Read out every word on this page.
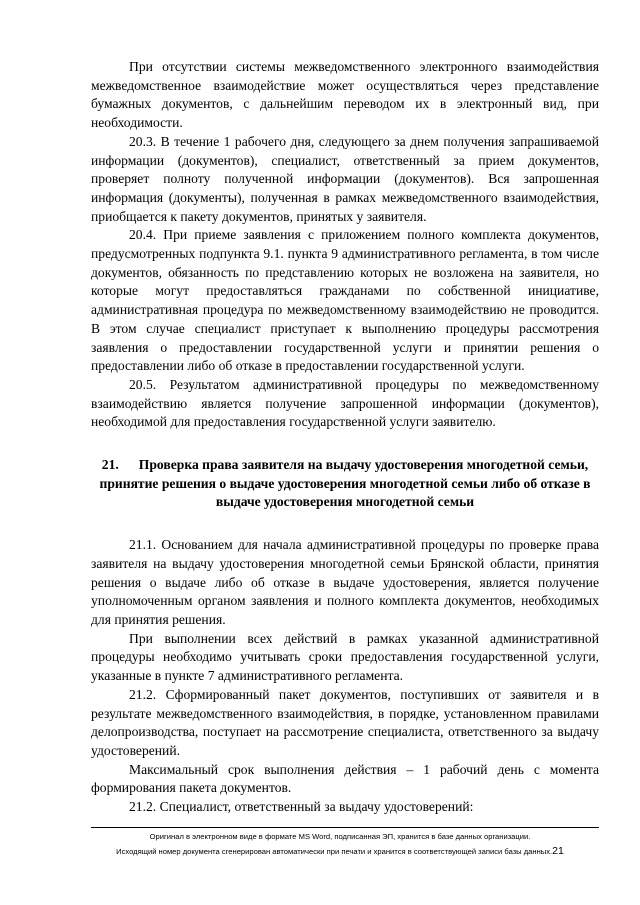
При отсутствии системы межведомственного электронного взаимодействия межведомственное взаимодействие может осуществляться через представление бумажных документов, с дальнейшим переводом их в электронный вид, при необходимости.

20.3. В течение 1 рабочего дня, следующего за днем получения запрашиваемой информации (документов), специалист, ответственный за прием документов, проверяет полноту полученной информации (документов). Вся запрошенная информация (документы), полученная в рамках межведомственного взаимодействия, приобщается к пакету документов, принятых у заявителя.

20.4. При приеме заявления с приложением полного комплекта документов, предусмотренных подпункта 9.1. пункта 9 административного регламента, в том числе документов, обязанность по представлению которых не возложена на заявителя, но которые могут предоставляться гражданами по собственной инициативе, административная процедура по межведомственному взаимодействию не проводится. В этом случае специалист приступает к выполнению процедуры рассмотрения заявления о предоставлении государственной услуги и принятии решения о предоставлении либо об отказе в предоставлении государственной услуги.

20.5. Результатом административной процедуры по межведомственному взаимодействию является получение запрошенной информации (документов), необходимой для предоставления государственной услуги заявителю.

21. Проверка права заявителя на выдачу удостоверения многодетной семьи, принятие решения о выдаче удостоверения многодетной семьи либо об отказе в выдаче удостоверения многодетной семьи

21.1. Основанием для начала административной процедуры по проверке права заявителя на выдачу удостоверения многодетной семьи Брянской области, принятия решения о выдаче либо об отказе в выдаче удостоверения, является получение уполномоченным органом заявления и полного комплекта документов, необходимых для принятия решения.

При выполнении всех действий в рамках указанной административной процедуры необходимо учитывать сроки предоставления государственной услуги, указанные в пункте 7 административного регламента.

21.2. Сформированный пакет документов, поступивших от заявителя и в результате межведомственного взаимодействия, в порядке, установленном правилами делопроизводства, поступает на рассмотрение специалиста, ответственного за выдачу удостоверений.

Максимальный срок выполнения действия – 1 рабочий день с момента формирования пакета документов.

21.2. Специалист, ответственный за выдачу удостоверений:

Оригинал в электронном виде в формате MS Word, подписанная ЭП, хранится в базе данных организации.
Исходящий номер документа сгенерирован автоматически при печати и хранится в соответствующей записи базы данных.21
